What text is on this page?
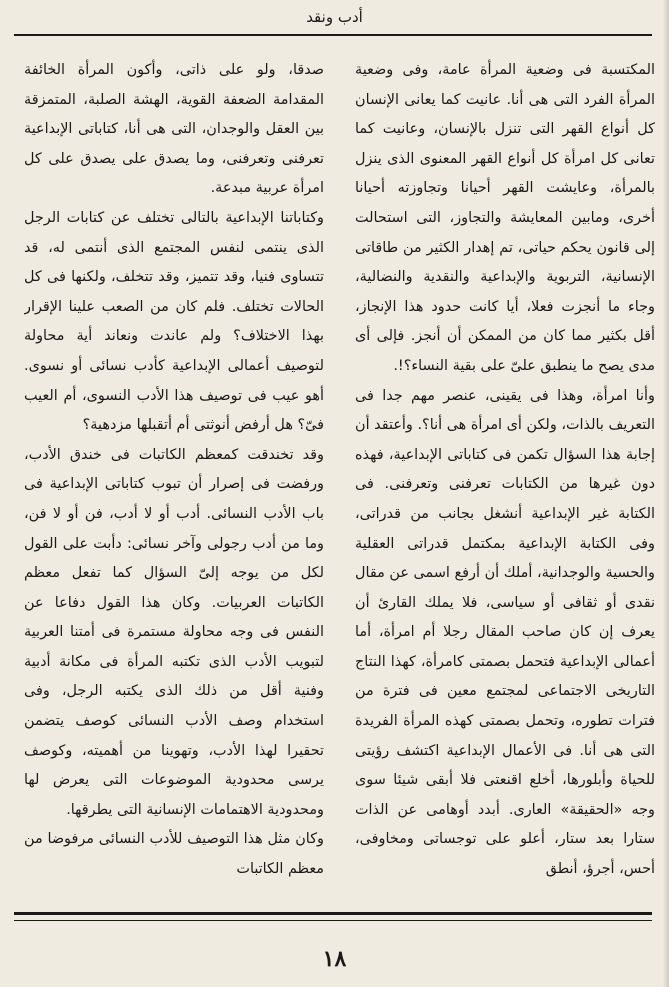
أدب ونقد

المكتسبة فى وضعية المرأة عامة، وفى وضعية المرأة الفرد التى هى أنا. عانيت كما يعانى الإنسان كل أنواع القهر التى تنزل بالإنسان، وعانيت كما تعانى كل امرأة كل أنواع القهر المعنوى الذى ينزل بالمرأة، وعايشت القهر أحيانا وتجاوزته أحيانا أخرى، ومابين المعايشة والتجاوز، التى استحالت إلى قانون يحكم حياتى، تم إهدار الكثير من طاقاتى الإنسانية، التربوية والإبداعية والنقدية والنضالية، وجاء ما أنجزت فعلا، أيا كانت حدود هذا الإنجاز، أقل بكثير مما كان من الممكن أن أنجز. فإلى أى مدى يصح ما ينطبق علىّ على بقية النساء؟!.

وأنا امرأة، وهذا فى يقينى، عنصر مهم جدا فى التعريف بالذات، ولكن أى امرأة هى أنا؟. وأعتقد أن إجابة هذا السؤال تكمن فى كتاباتى الإبداعية، فهذه دون غيرها من الكتابات تعرفنى وتعرفنى. فى الكتابة غير الإبداعية أنشغل بجانب من قدراتى، وفى الكتابة الإبداعية بمكتمل قدراتى العقلية والحسية والوجدانية، أملك أن أرفع اسمى عن مقال نقدى أو ثقافى أو سياسى، فلا يملك القارئ أن يعرف إن كان صاحب المقال رجلا أم امرأة، أما أعمالى الإبداعية فتحمل بصمتى كامرأة، كهذا النتاج التاريخى الاجتماعى لمجتمع معين فى فترة من فترات تطوره، وتحمل بصمتى كهذه المرأة الفريدة التى هى أنا. فى الأعمال الإبداعية اكتشف رؤيتى للحياة وأبلورها، أخلع اقنعتى فلا أبقى شيئا سوى وجه «الحقيقة» العارى. أبدد أوهامى عن الذات ستارا بعد ستار، أعلو على توجساتى ومخاوفى، أحس، أجرؤ، أنطق

صدقا، ولو على ذاتى، وأكون المرأة الخائفة المقدامة الضعفة القوية، الهشة الصلبة، المتمزقة بين العقل والوجدان، التى هى أنا، كتاباتى الإبداعية تعرفنى وتعرفنى، وما يصدق على يصدق على كل امرأة عربية مبدعة.

وكتاباتنا الإبداعية بالتالى تختلف عن كتابات الرجل الذى ينتمى لنفس المجتمع الذى أنتمى له، قد تتساوى فنيا، وقد تتميز، وقد تتخلف، ولكنها فى كل الحالات تختلف. فلم كان من الصعب علينا الإقرار بهذا الاختلاف؟ ولم عاندت ونعاند أية محاولة لتوصيف أعمالى الإبداعية كأدب نسائى أو نسوى. أهو عيب فى توصيف هذا الأدب النسوى، أم العيب فىّ؟ هل أرفض أنوثتى أم أتقبلها مزدهية؟

وقد تخندقت كمعظم الكاتبات فى خندق الأدب، ورفضت فى إصرار أن تبوب كتاباتى الإبداعية فى باب الأدب النسائى. أدب أو لا أدب، فن أو لا فن، وما من أدب رجولى وآخر نسائى: دأبت على القول لكل من يوجه إلىّ السؤال كما تفعل معظم الكاتبات العربيات. وكان هذا القول دفاعا عن النفس فى وجه محاولة مستمرة فى أمتنا العربية لتبويب الأدب الذى تكتبه المرأة فى مكانة أدبية وفنية أقل من ذلك الذى يكتبه الرجل، وفى استخدام وصف الأدب النسائى كوصف يتضمن تحقيرا لهذا الأدب، وتهوينا من أهميته، وكوصف يرسى محدودية الموضوعات التى يعرض لها ومحدودية الاهتمامات الإنسانية التى يطرقها.

وكان مثل هذا التوصيف للأدب النسائى مرفوضا من معظم الكاتبات

١٨
